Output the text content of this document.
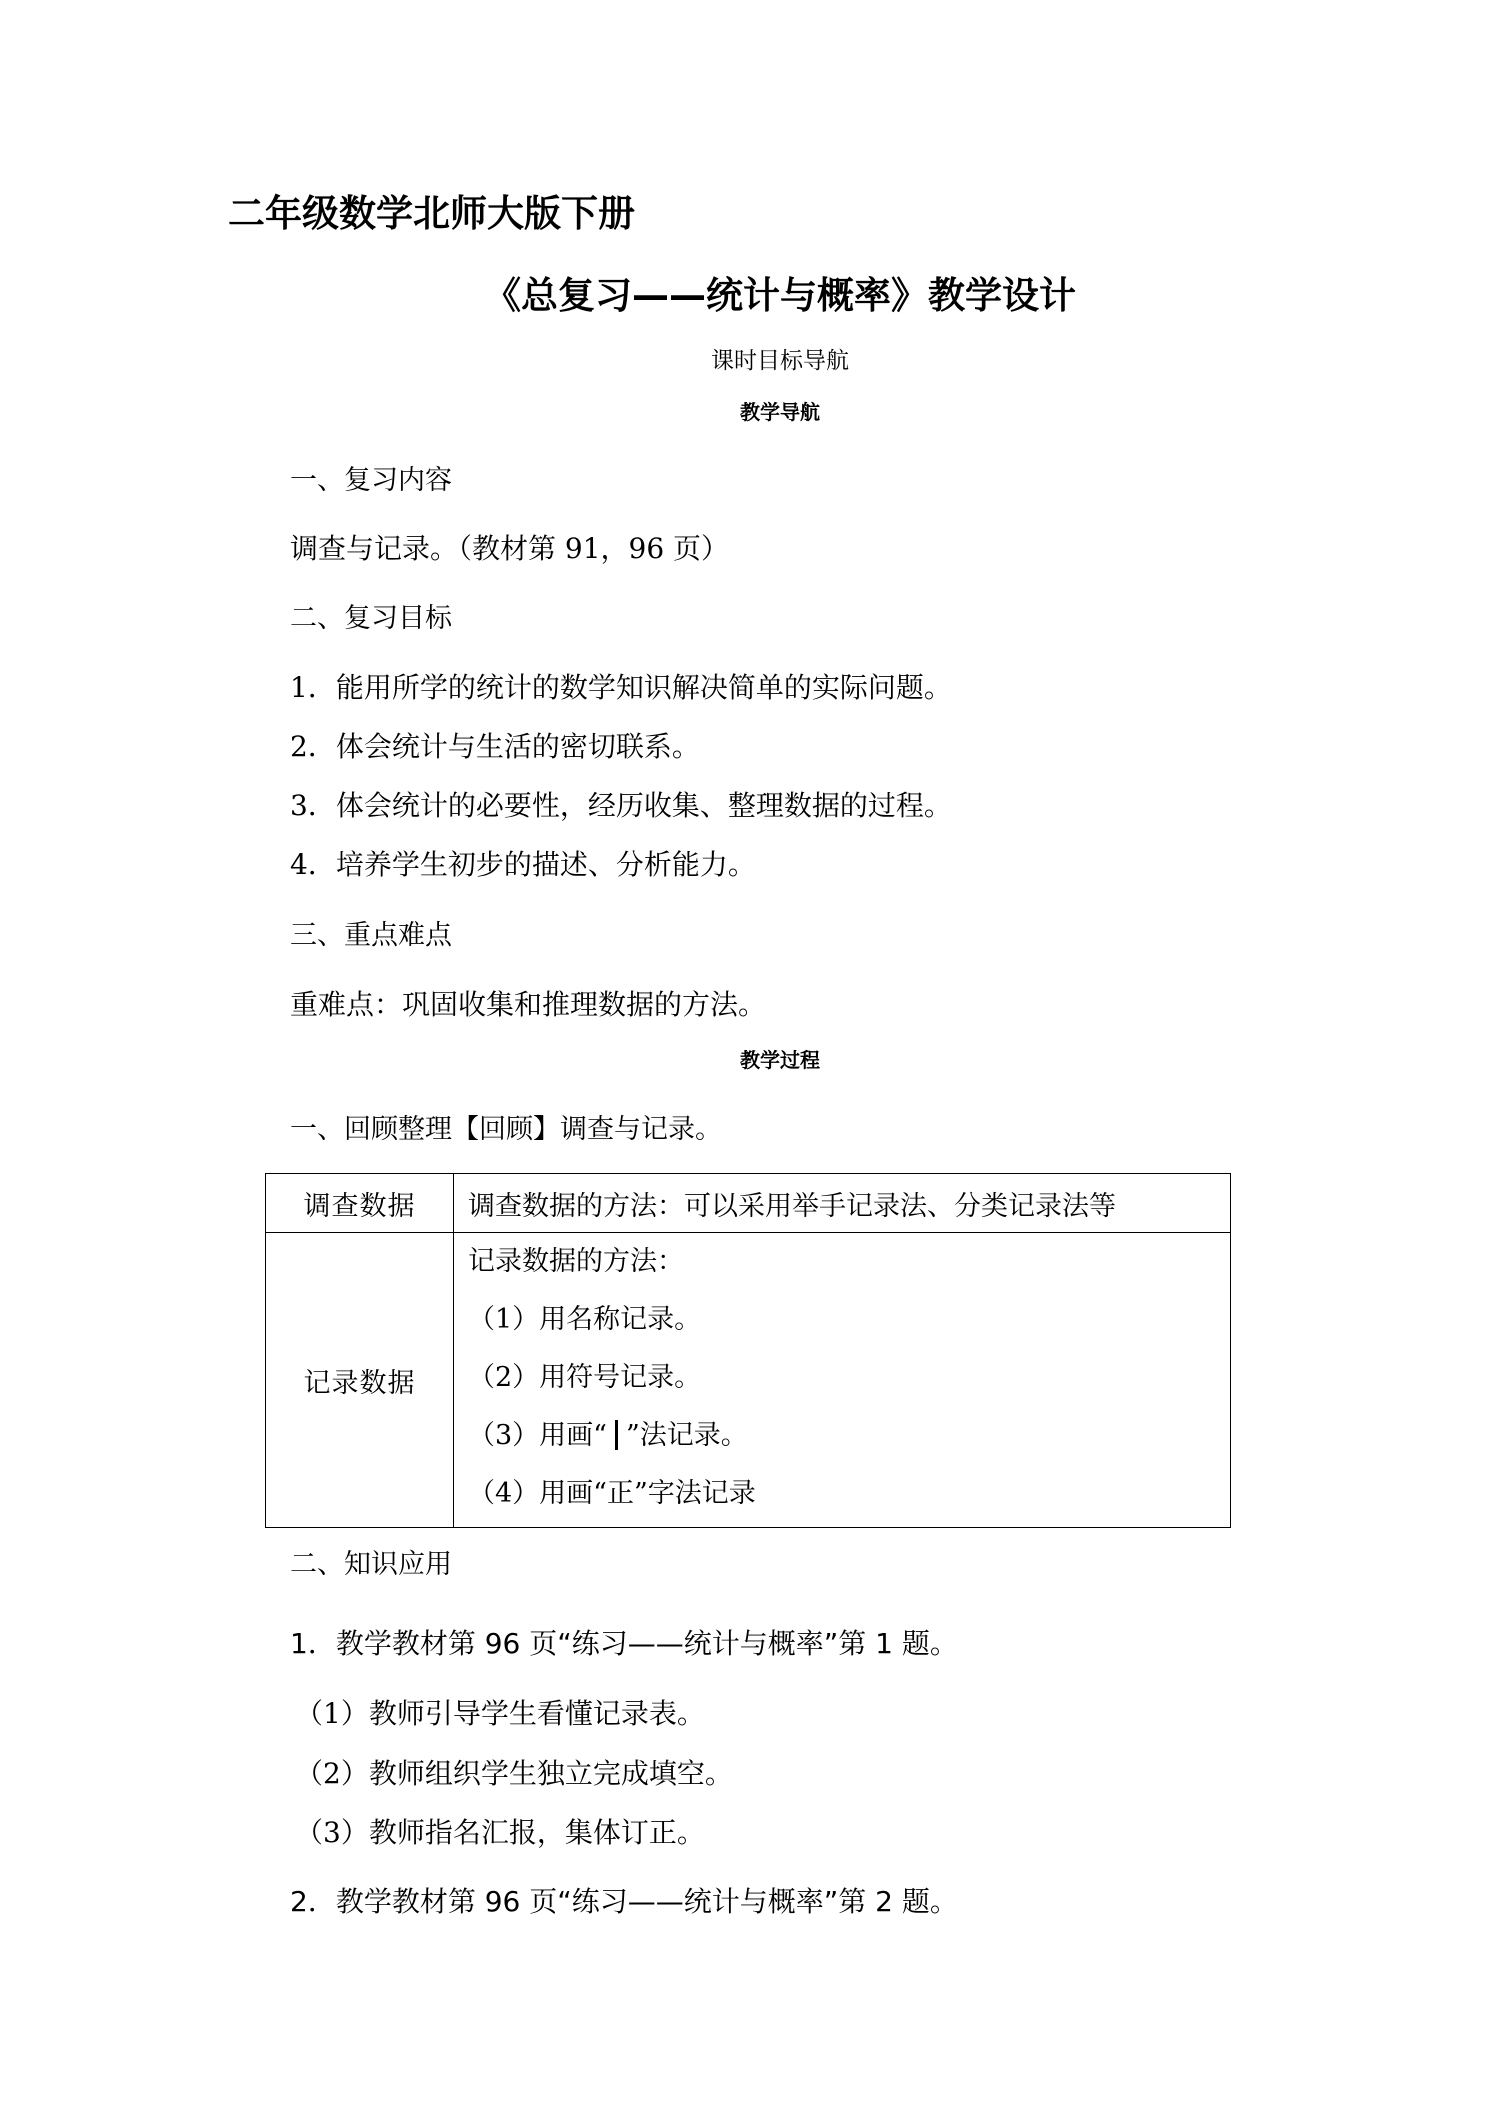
二年级数学北师大版下册
《总复习——统计与概率》教学设计
课时目标导航
教学导航
一、复习内容
调查与记录。（教材第 91，96 页）
二、复习目标
1．能用所学的统计的数学知识解决简单的实际问题。
2．体会统计与生活的密切联系。
3．体会统计的必要性，经历收集、整理数据的过程。
4．培养学生初步的描述、分析能力。
三、重点难点
重难点：巩固收集和推理数据的方法。
教学过程
一、回顾整理【回顾】调查与记录。
调查数据	调查数据的方法：可以采用举手记录法、分类记录法等
记录数据	记录数据的方法：
（1）用名称记录。
（2）用符号记录。
（3）用画“ ”法记录。
（4）用画“正”字法记录
二、知识应用
1．教学教材第 96 页“练习——统计与概率”第 1 题。
（1）教师引导学生看懂记录表。
（2）教师组织学生独立完成填空。
（3）教师指名汇报，集体订正。
2．教学教材第 96 页“练习——统计与概率”第 2 题。
